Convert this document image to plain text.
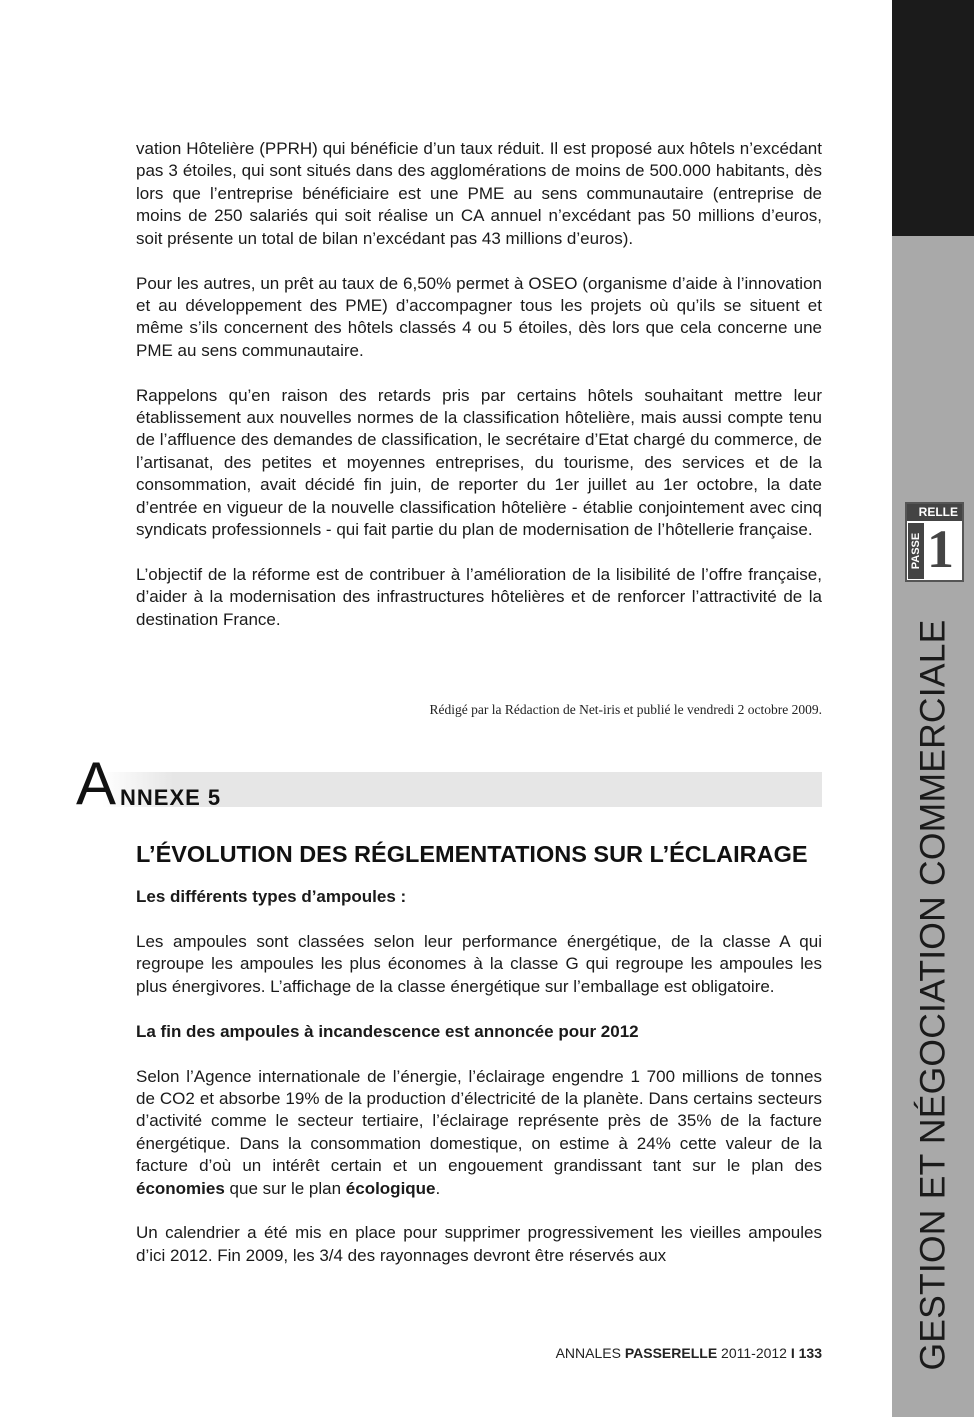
vation Hôtelière (PPRH) qui bénéficie d’un taux réduit. Il est proposé aux hôtels n’excédant pas 3 étoiles, qui sont situés dans des agglomérations de moins de 500.000 habitants, dès lors que l’entreprise bénéficiaire est une PME au sens communautaire (entreprise de moins de 250 salariés qui soit réalise un CA annuel n’excédant pas 50 millions d’euros, soit présente un total de bilan n’excédant pas 43 millions d’euros).

Pour les autres, un prêt au taux de 6,50% permet à OSEO (organisme d’aide à l’innovation et au développement des PME) d’accompagner tous les projets où qu’ils se situent et même s’ils concernent des hôtels classés 4 ou 5 étoiles, dès lors que cela concerne une PME au sens communautaire.

Rappelons qu’en raison des retards pris par certains hôtels souhaitant mettre leur établissement aux nouvelles normes de la classification hôtelière, mais aussi compte tenu de l’affluence des demandes de classification, le secrétaire d’Etat chargé du commerce, de l’artisanat, des petites et moyennes entreprises, du tourisme, des services et de la consommation, avait décidé fin juin, de reporter du 1er juillet au 1er octobre, la date d’entrée en vigueur de la nouvelle classification hôtelière - établie conjointement avec cinq syndicats professionnels - qui fait partie du plan de modernisation de l’hôtellerie française.

L’objectif de la réforme est de contribuer à l’amélioration de la lisibilité de l’offre française, d’aider à la modernisation des infrastructures hôtelières et de renforcer l’attractivité de la destination France.

Rédigé par la Rédaction de Net-iris et publié le vendredi 2 octobre 2009.
A NNEXE 5
L’ÉVOLUTION DES RÉGLEMENTATIONS SUR L’ÉCLAIRAGE
Les différents types d’ampoules :

Les ampoules sont classées selon leur performance énergétique, de la classe A qui regroupe les ampoules les plus économes à la classe G qui regroupe les ampoules les plus énergivores. L’affichage de la classe énergétique sur l’emballage est obligatoire.

La fin des ampoules à incandescence est annoncée pour 2012

Selon l’Agence internationale de l’énergie, l’éclairage engendre 1 700 millions de tonnes de CO2 et absorbe 19% de la production d’électricité de la planète. Dans certains secteurs d’activité comme le secteur tertiaire, l’éclairage représente près de 35% de la facture énergétique. Dans la consommation domestique, on estime à 24% cette valeur de la facture d’où un intérêt certain et un engouement grandissant tant sur le plan des économies que sur le plan écologique.

Un calendrier a été mis en place pour supprimer progressivement les vieilles ampoules d’ici 2012. Fin 2009, les 3/4 des rayonnages devront être réservés aux

ANNALES PASSERELLE 2011-2012 I 133
RELLE
PASSE 1
GESTION ET NÉGOCIATION COMMERCIALE
